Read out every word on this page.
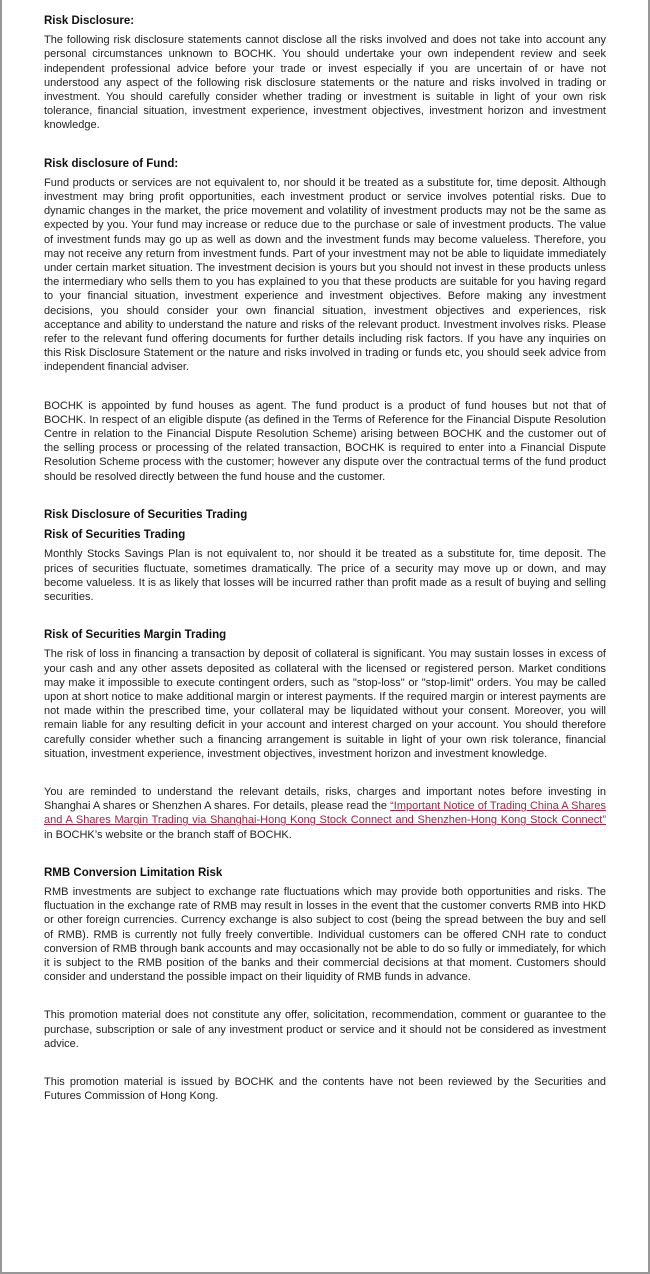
Risk Disclosure:

The following risk disclosure statements cannot disclose all the risks involved and does not take into account any personal circumstances unknown to BOCHK. You should undertake your own independent review and seek independent professional advice before your trade or invest especially if you are uncertain of or have not understood any aspect of the following risk disclosure statements or the nature and risks involved in trading or investment. You should carefully consider whether trading or investment is suitable in light of your own risk tolerance, financial situation, investment experience, investment objectives, investment horizon and investment knowledge.

Risk disclosure of Fund:

Fund products or services are not equivalent to, nor should it be treated as a substitute for, time deposit. Although investment may bring profit opportunities, each investment product or service involves potential risks. Due to dynamic changes in the market, the price movement and volatility of investment products may not be the same as expected by you. Your fund may increase or reduce due to the purchase or sale of investment products. The value of investment funds may go up as well as down and the investment funds may become valueless. Therefore, you may not receive any return from investment funds. Part of your investment may not be able to liquidate immediately under certain market situation. The investment decision is yours but you should not invest in these products unless the intermediary who sells them to you has explained to you that these products are suitable for you having regard to your financial situation, investment experience and investment objectives. Before making any investment decisions, you should consider your own financial situation, investment objectives and experiences, risk acceptance and ability to understand the nature and risks of the relevant product. Investment involves risks. Please refer to the relevant fund offering documents for further details including risk factors. If you have any inquiries on this Risk Disclosure Statement or the nature and risks involved in trading or funds etc, you should seek advice from independent financial adviser.

BOCHK is appointed by fund houses as agent. The fund product is a product of fund houses but not that of BOCHK. In respect of an eligible dispute (as defined in the Terms of Reference for the Financial Dispute Resolution Centre in relation to the Financial Dispute Resolution Scheme) arising between BOCHK and the customer out of the selling process or processing of the related transaction, BOCHK is required to enter into a Financial Dispute Resolution Scheme process with the customer; however any dispute over the contractual terms of the fund product should be resolved directly between the fund house and the customer.

Risk Disclosure of Securities Trading
Risk of Securities Trading

Monthly Stocks Savings Plan is not equivalent to, nor should it be treated as a substitute for, time deposit. The prices of securities fluctuate, sometimes dramatically. The price of a security may move up or down, and may become valueless. It is as likely that losses will be incurred rather than profit made as a result of buying and selling securities.

Risk of Securities Margin Trading

The risk of loss in financing a transaction by deposit of collateral is significant. You may sustain losses in excess of your cash and any other assets deposited as collateral with the licensed or registered person. Market conditions may make it impossible to execute contingent orders, such as "stop-loss" or "stop-limit" orders. You may be called upon at short notice to make additional margin or interest payments. If the required margin or interest payments are not made within the prescribed time, your collateral may be liquidated without your consent. Moreover, you will remain liable for any resulting deficit in your account and interest charged on your account. You should therefore carefully consider whether such a financing arrangement is suitable in light of your own risk tolerance, financial situation, investment experience, investment objectives, investment horizon and investment knowledge.

You are reminded to understand the relevant details, risks, charges and important notes before investing in Shanghai A shares or Shenzhen A shares. For details, please read the “Important Notice of Trading China A Shares and A Shares Margin Trading via Shanghai-Hong Kong Stock Connect and Shenzhen-Hong Kong Stock Connect” in BOCHK’s website or the branch staff of BOCHK.

RMB Conversion Limitation Risk

RMB investments are subject to exchange rate fluctuations which may provide both opportunities and risks. The fluctuation in the exchange rate of RMB may result in losses in the event that the customer converts RMB into HKD or other foreign currencies. Currency exchange is also subject to cost (being the spread between the buy and sell of RMB). RMB is currently not fully freely convertible. Individual customers can be offered CNH rate to conduct conversion of RMB through bank accounts and may occasionally not be able to do so fully or immediately, for which it is subject to the RMB position of the banks and their commercial decisions at that moment. Customers should consider and understand the possible impact on their liquidity of RMB funds in advance.

This promotion material does not constitute any offer, solicitation, recommendation, comment or guarantee to the purchase, subscription or sale of any investment product or service and it should not be considered as investment advice.

This promotion material is issued by BOCHK and the contents have not been reviewed by the Securities and Futures Commission of Hong Kong.
